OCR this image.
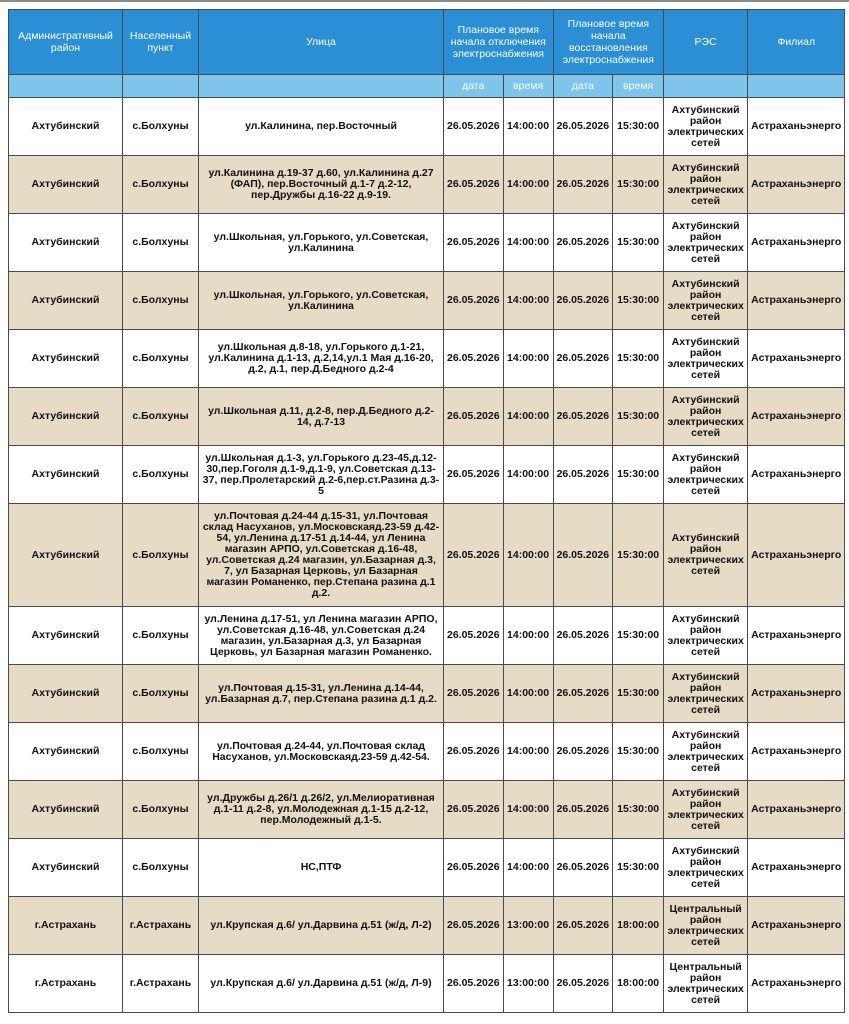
Административный район	Населенный пункт	Улица	Плановое время начала отключения электроснабжения		Плановое время начала восстановления электроснабжения		РЭС	Филиал
			дата	время	дата	время		
Ахтубинский	с.Болхуны	ул.Калинина, пер.Восточный	26.05.2026	14:00:00	26.05.2026	15:30:00	Ахтубинский район электрических сетей	Астраханьэнерго
Ахтубинский	с.Болхуны	ул.Калинина д.19-37 д.60, ул.Калинина д.27 (ФАП), пер.Восточный д.1-7 д.2-12, пер.Дружбы д.16-22 д.9-19.	26.05.2026	14:00:00	26.05.2026	15:30:00	Ахтубинский район электрических сетей	Астраханьэнерго
Ахтубинский	с.Болхуны	ул.Школьная, ул.Горького, ул.Советская, ул.Калинина	26.05.2026	14:00:00	26.05.2026	15:30:00	Ахтубинский район электрических сетей	Астраханьэнерго
Ахтубинский	с.Болхуны	ул.Школьная, ул.Горького, ул.Советская, ул.Калинина	26.05.2026	14:00:00	26.05.2026	15:30:00	Ахтубинский район электрических сетей	Астраханьэнерго
Ахтубинский	с.Болхуны	ул.Школьная д.8-18, ул.Горького д.1-21, ул.Калинина д.1-13, д.2,14,ул.1 Мая д.16-20, д.2, д.1, пер.Д.Бедного д.2-4	26.05.2026	14:00:00	26.05.2026	15:30:00	Ахтубинский район электрических сетей	Астраханьэнерго
Ахтубинский	с.Болхуны	ул.Школьная д.11, д.2-8, пер.Д.Бедного д.2-14, д.7-13	26.05.2026	14:00:00	26.05.2026	15:30:00	Ахтубинский район электрических сетей	Астраханьэнерго
Ахтубинский	с.Болхуны	ул.Школьная д.1-3, ул.Горького д.23-45,д.12-30,пер.Гоголя д.1-9,д.1-9, ул.Советская д.13-37, пер.Пролетарский д.2-6,пер.ст.Разина д.3-5	26.05.2026	14:00:00	26.05.2026	15:30:00	Ахтубинский район электрических сетей	Астраханьэнерго
Ахтубинский	с.Болхуны	ул.Почтовая д.24-44 д.15-31, ул.Почтовая склад Насуханов, ул.Московскаяд.23-59 д.42-54, ул.Ленина д.17-51 д.14-44, ул Ленина магазин АРПО, ул.Советская д.16-48, ул.Советская д.24 магазин, ул.Базарная д.3, 7, ул Базарная Церковь, ул Базарная магазин Романенко, пер.Степана разина д.1 д.2.	26.05.2026	14:00:00	26.05.2026	15:30:00	Ахтубинский район электрических сетей	Астраханьэнерго
Ахтубинский	с.Болхуны	ул.Ленина д.17-51, ул Ленина магазин АРПО, ул.Советская д.16-48, ул.Советская д.24 магазин, ул.Базарная д.3, ул Базарная Церковь, ул Базарная магазин Романенко.	26.05.2026	14:00:00	26.05.2026	15:30:00	Ахтубинский район электрических сетей	Астраханьэнерго
Ахтубинский	с.Болхуны	ул.Почтовая д.15-31, ул.Ленина д.14-44, ул.Базарная д.7, пер.Степана разина д.1 д.2.	26.05.2026	14:00:00	26.05.2026	15:30:00	Ахтубинский район электрических сетей	Астраханьэнерго
Ахтубинский	с.Болхуны	ул.Почтовая д.24-44, ул.Почтовая склад Насуханов, ул.Московскаяд.23-59 д.42-54.	26.05.2026	14:00:00	26.05.2026	15:30:00	Ахтубинский район электрических сетей	Астраханьэнерго
Ахтубинский	с.Болхуны	ул.Дружбы д.26/1 д.26/2, ул.Мелиоративная д.1-11 д.2-8, ул.Молодежная д.1-15 д.2-12, пер.Молодежный д.1-5.	26.05.2026	14:00:00	26.05.2026	15:30:00	Ахтубинский район электрических сетей	Астраханьэнерго
Ахтубинский	с.Болхуны	НС,ПТФ	26.05.2026	14:00:00	26.05.2026	15:30:00	Ахтубинский район электрических сетей	Астраханьэнерго
г.Астрахань	г.Астрахань	ул.Крупская д.6/ ул.Дарвина д.51 (ж/д, Л-2)	26.05.2026	13:00:00	26.05.2026	18:00:00	Центральный район электрических сетей	Астраханьэнерго
г.Астрахань	г.Астрахань	ул.Крупская д.6/ ул.Дарвина д.51 (ж/д, Л-9)	26.05.2026	13:00:00	26.05.2026	18:00:00	Центральный район электрических сетей	Астраханьэнерго
